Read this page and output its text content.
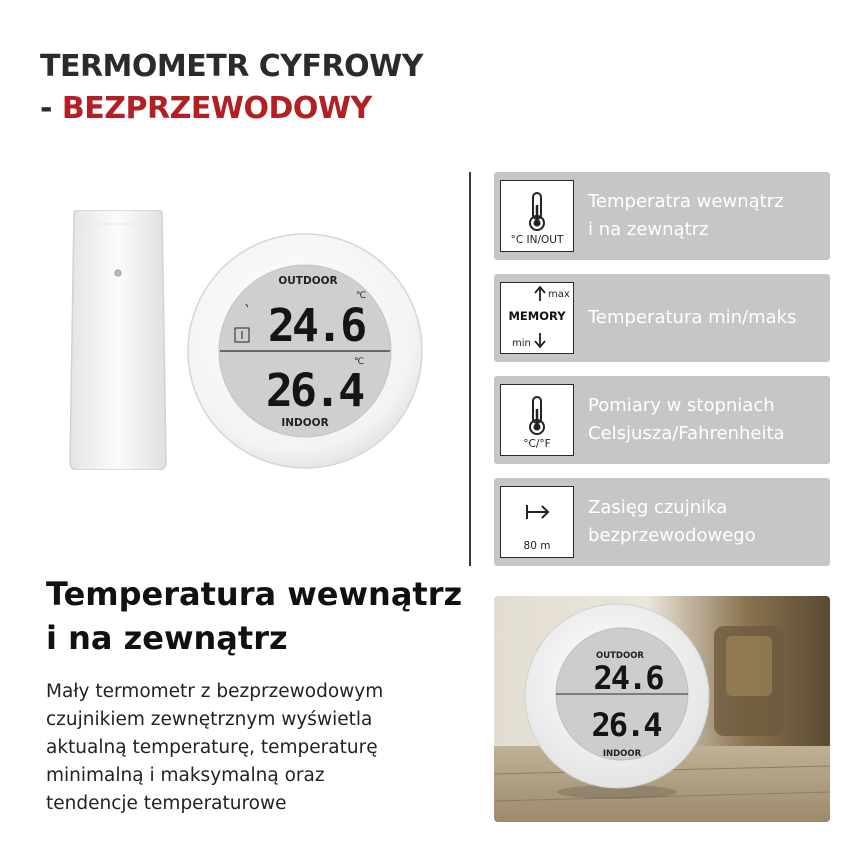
TERMOMETR CYFROWY
- BEZPRZEWODOWY
OUTDOOR
24.6
℃
26.4
℃
INDOOR
°C IN/OUT
Temperatra wewnątrz
i na zewnątrz
max
MEMORY
min
Temperatura min/maks
°C/°F
Pomiary w stopniach
Celsjusza/Fahrenheita
80 m
Zasięg czujnika
bezprzewodowego
Temperatura wewnątrz
i na zewnątrz
Mały termometr z bezprzewodowym
czujnikiem zewnętrznym wyświetla
aktualną temperaturę, temperaturę
minimalną i maksymalną oraz
tendencje temperaturowe
OUTDOOR
24.6
26.4
INDOOR
